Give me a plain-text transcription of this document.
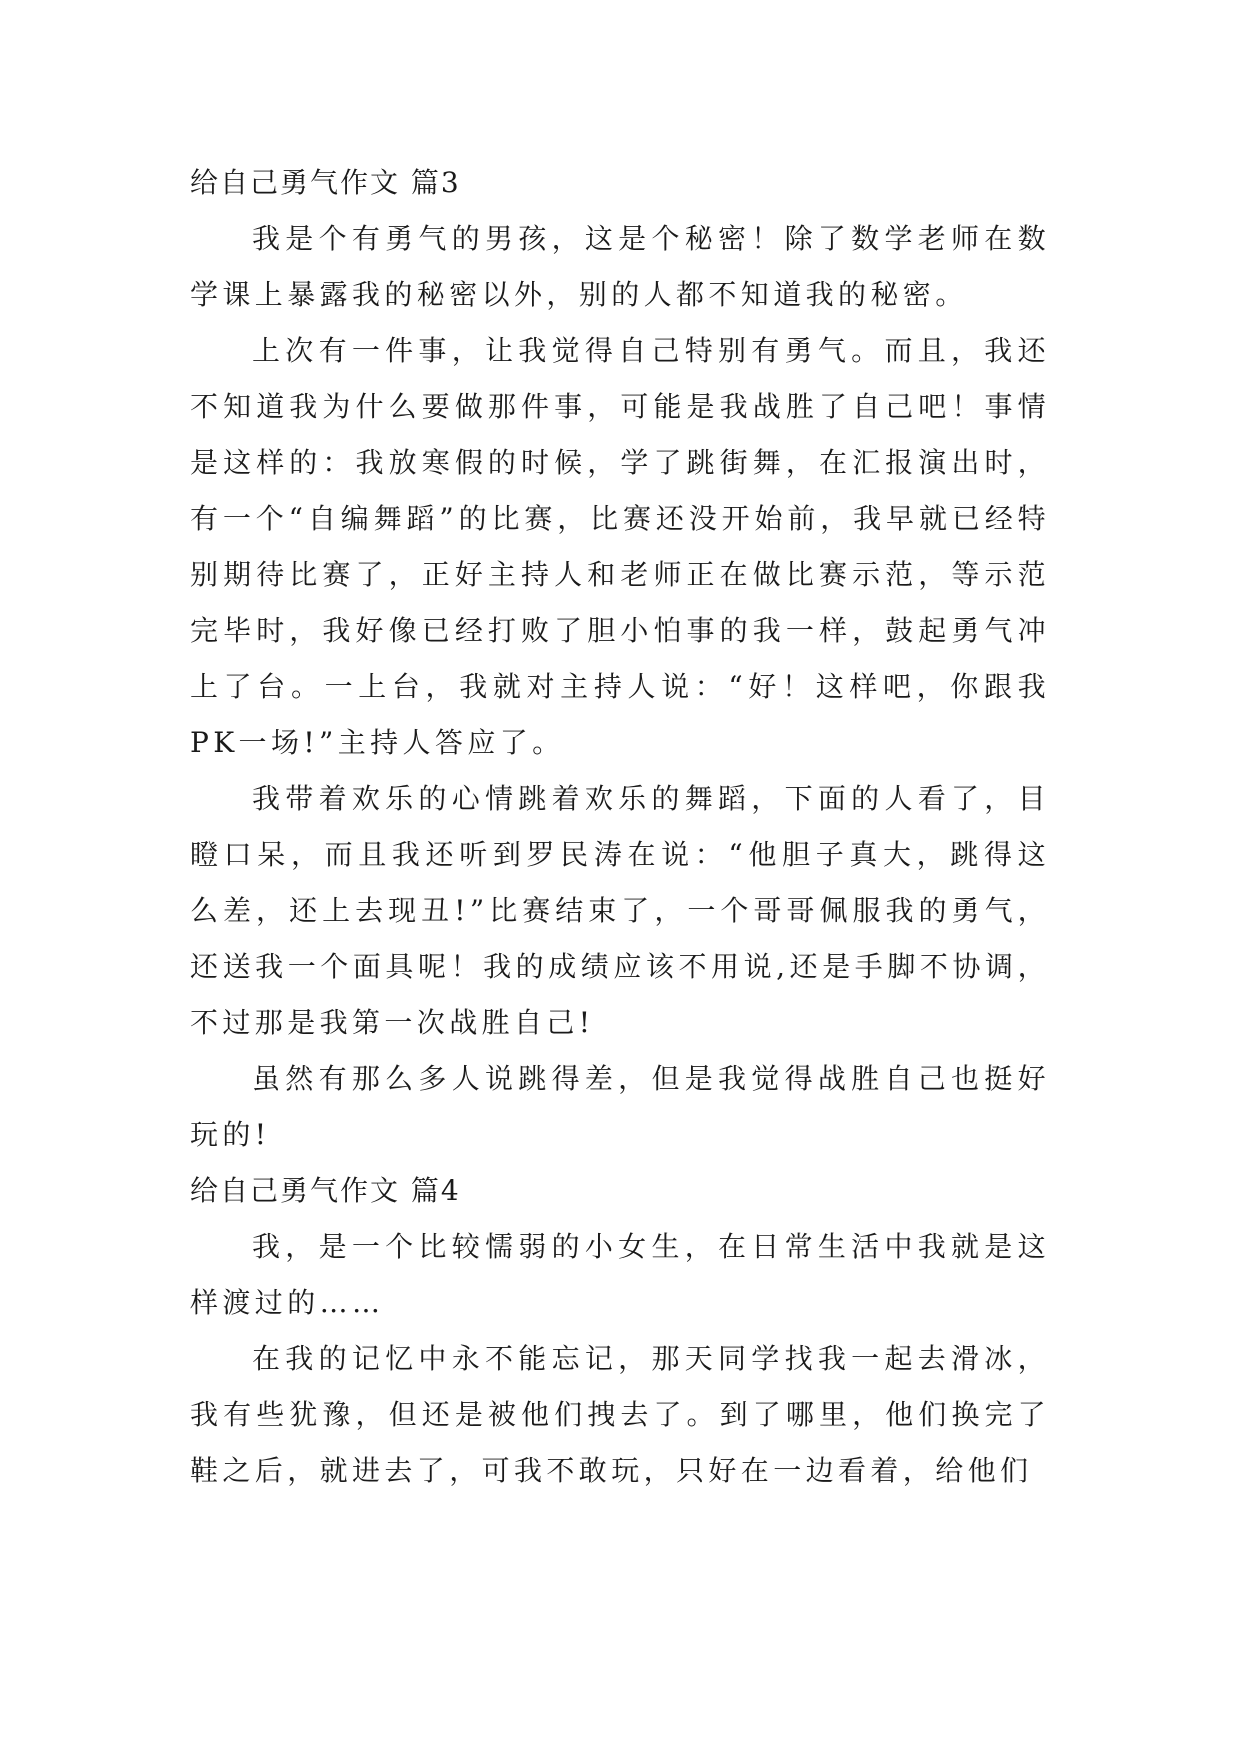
给自己勇气作文 篇3

我是个有勇气的男孩，这是个秘密！除了数学老师在数学课上暴露我的秘密以外，别的人都不知道我的秘密。

上次有一件事，让我觉得自己特别有勇气。而且，我还不知道我为什么要做那件事，可能是我战胜了自己吧！事情是这样的：我放寒假的时候，学了跳街舞，在汇报演出时，有一个“自编舞蹈”的比赛，比赛还没开始前，我早就已经特别期待比赛了，正好主持人和老师正在做比赛示范，等示范完毕时，我好像已经打败了胆小怕事的我一样，鼓起勇气冲上了台。一上台，我就对主持人说：“好！这样吧，你跟我PK一场!”主持人答应了。

我带着欢乐的心情跳着欢乐的舞蹈，下面的人看了，目瞪口呆，而且我还听到罗民涛在说：“他胆子真大，跳得这么差，还上去现丑!”比赛结束了，一个哥哥佩服我的勇气，还送我一个面具呢！我的成绩应该不用说,还是手脚不协调，不过那是我第一次战胜自己!

虽然有那么多人说跳得差，但是我觉得战胜自己也挺好玩的!

给自己勇气作文 篇4

我，是一个比较懦弱的小女生，在日常生活中我就是这样渡过的……

在我的记忆中永不能忘记，那天同学找我一起去滑冰，我有些犹豫，但还是被他们拽去了。到了哪里，他们换完了鞋之后，就进去了，可我不敢玩，只好在一边看着，给他们
